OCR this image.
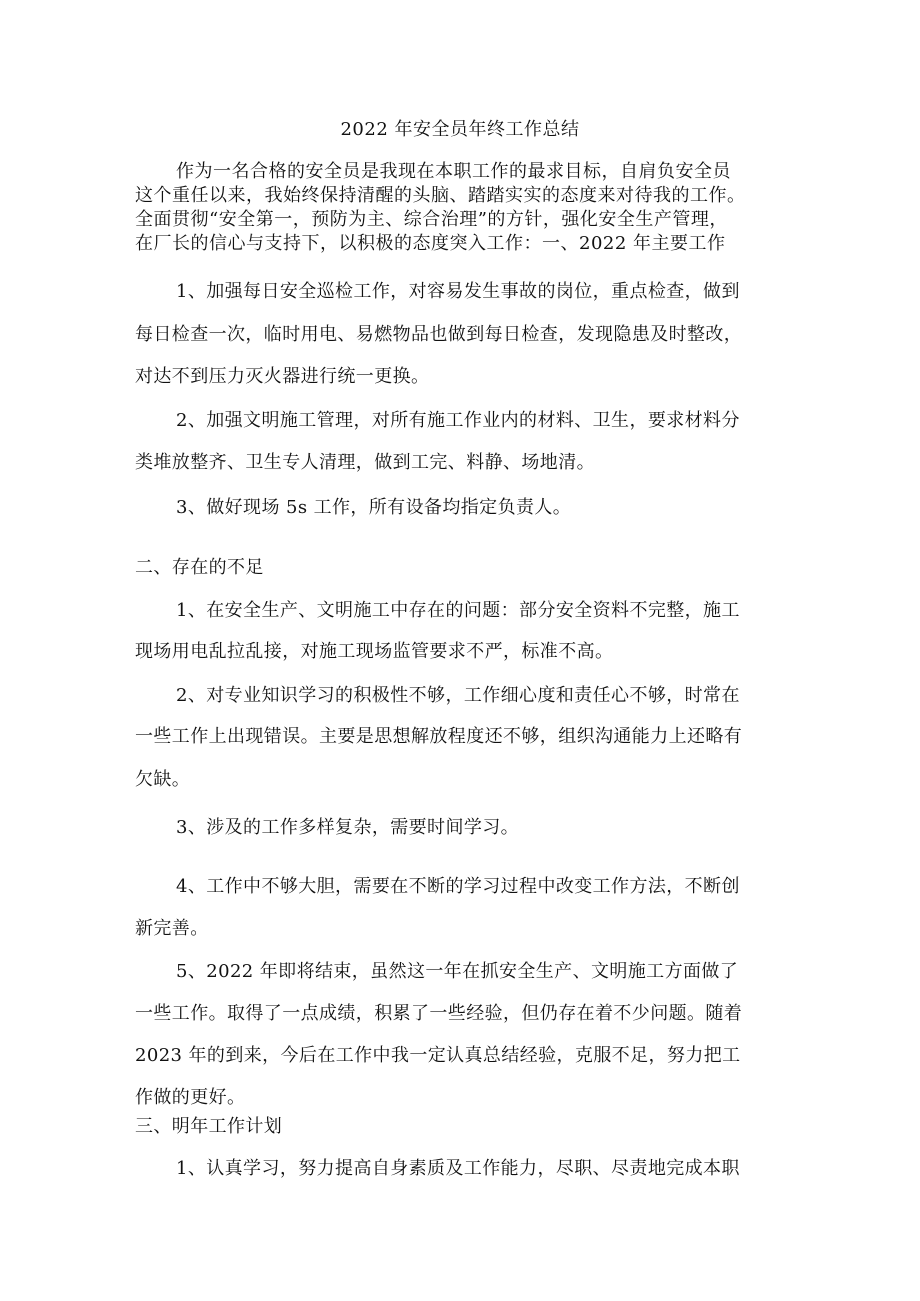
2022 年安全员年终工作总结

作为一名合格的安全员是我现在本职工作的最求目标，自肩负安全员

这个重任以来，我始终保持清醒的头脑、踏踏实实的态度来对待我的工作。

全面贯彻“安全第一，预防为主、综合治理”的方针，强化安全生产管理，

在厂长的信心与支持下，以积极的态度突入工作：一、2022 年主要工作

1、加强每日安全巡检工作，对容易发生事故的岗位，重点检查，做到

每日检查一次，临时用电、易燃物品也做到每日检查，发现隐患及时整改，

对达不到压力灭火器进行统一更换。

2、加强文明施工管理，对所有施工作业内的材料、卫生，要求材料分

类堆放整齐、卫生专人清理，做到工完、料静、场地清。

3、做好现场 5s 工作，所有设备均指定负责人。

二、存在的不足

1、在安全生产、文明施工中存在的问题：部分安全资料不完整，施工

现场用电乱拉乱接，对施工现场监管要求不严，标准不高。

2、对专业知识学习的积极性不够，工作细心度和责任心不够，时常在

一些工作上出现错误。主要是思想解放程度还不够，组织沟通能力上还略有

欠缺。

3、涉及的工作多样复杂，需要时间学习。

4、工作中不够大胆，需要在不断的学习过程中改变工作方法，不断创

新完善。

5、2022 年即将结束，虽然这一年在抓安全生产、文明施工方面做了

一些工作。取得了一点成绩，积累了一些经验，但仍存在着不少问题。随着

2023 年的到来，今后在工作中我一定认真总结经验，克服不足，努力把工

作做的更好。

三、明年工作计划

1、认真学习，努力提高自身素质及工作能力，尽职、尽责地完成本职
